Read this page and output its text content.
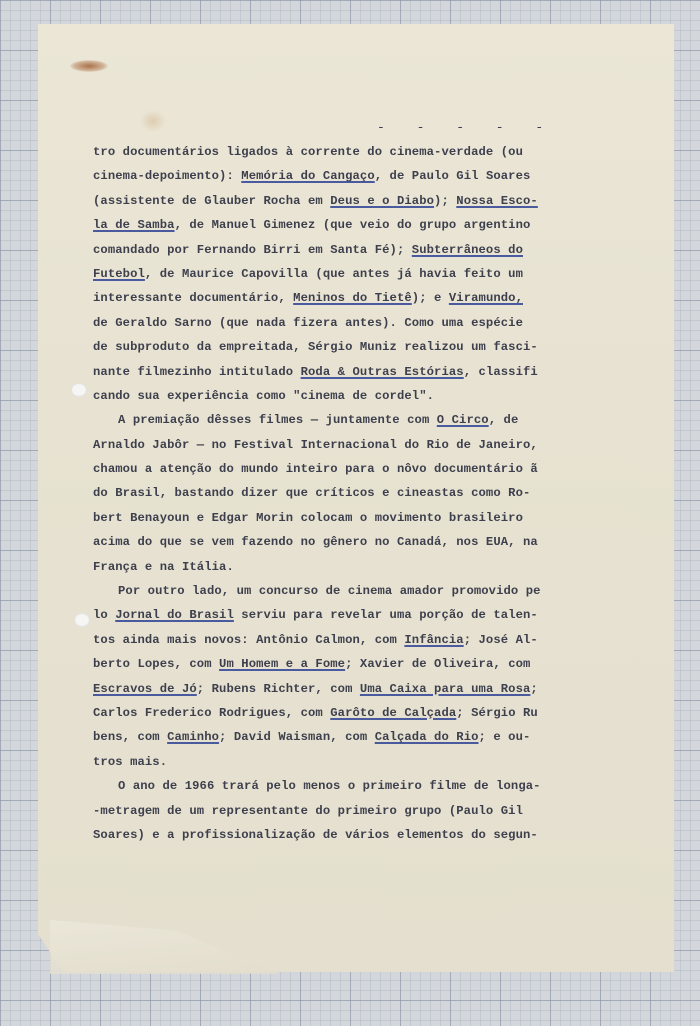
- - - - -
tro documentários ligados à corrente do cinema-verdade (ou
cinema-depoimento): Memória do Cangaço, de Paulo Gil Soares
(assistente de Glauber Rocha em Deus e o Diabo); Nossa Esco-
la de Samba, de Manuel Gimenez (que veio do grupo argentino
comandado por Fernando Birri em Santa Fé); Subterrâneos do
Futebol, de Maurice Capovilla (que antes já havia feito um
interessante documentário, Meninos do Tietê); e Viramundo,
de Geraldo Sarno (que nada fizera antes). Como uma espécie
de subproduto da empreitada, Sérgio Muniz realizou um fasci-
nante filmezinho intitulado Roda & Outras Estórias, classifi
cando sua experiência como "cinema de cordel".
A premiação dêsses filmes — juntamente com O Circo, de
Arnaldo Jabôr — no Festival Internacional do Rio de Janeiro,
chamou a atenção do mundo inteiro para o nôvo documentário ã
do Brasil, bastando dizer que críticos e cineastas como Ro-
bert Benayoun e Edgar Morin colocam o movimento brasileiro
acima do que se vem fazendo no gênero no Canadá, nos EUA, na
França e na Itália.
Por outro lado, um concurso de cinema amador promovido pe
lo Jornal do Brasil serviu para revelar uma porção de talen-
tos ainda mais novos: Antônio Calmon, com Infância; José Al-
berto Lopes, com Um Homem e a Fome; Xavier de Oliveira, com
Escravos de Jó; Rubens Richter, com Uma Caixa para uma Rosa;
Carlos Frederico Rodrigues, com Garôto de Calçada; Sérgio Ru
bens, com Caminho; David Waisman, com Calçada do Rio; e ou-
tros mais.
O ano de 1966 trará pelo menos o primeiro filme de longa-
-metragem de um representante do primeiro grupo (Paulo Gil
Soares) e a profissionalização de vários elementos do segun-
